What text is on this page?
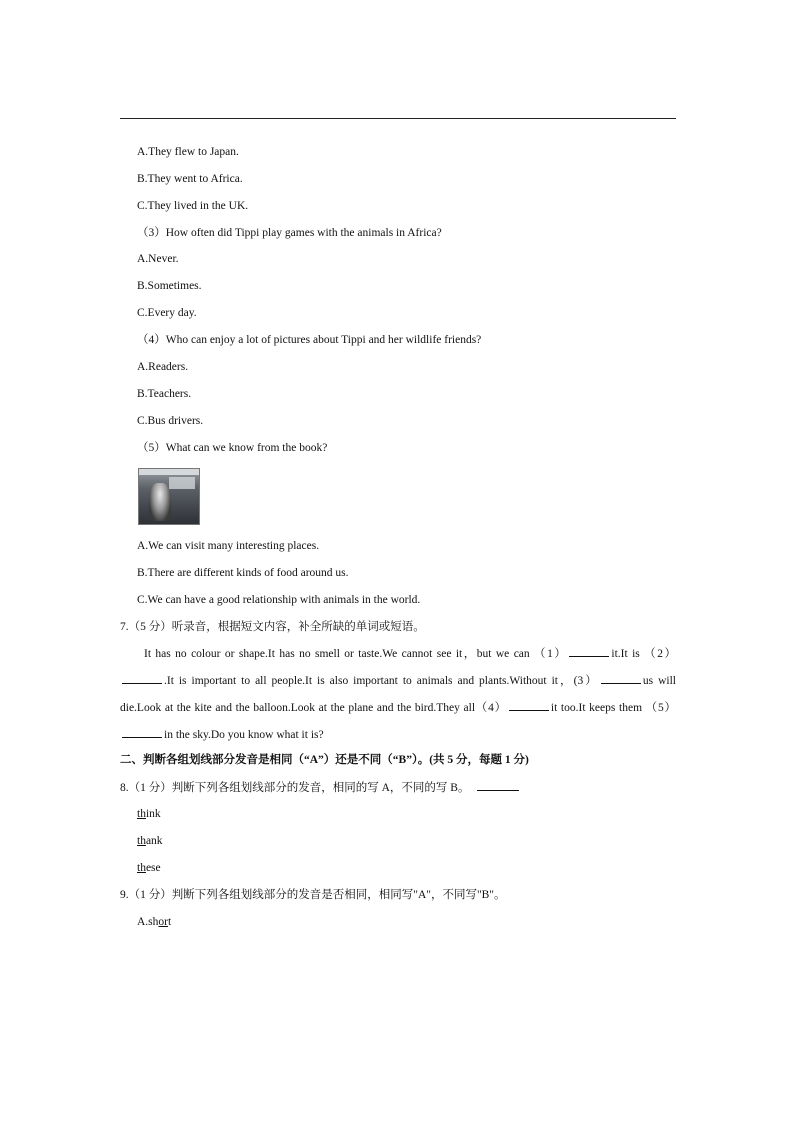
A.They flew to Japan.
B.They went to Africa.
C.They lived in the UK.
（3）How often did Tippi play games with the animals in Africa?
A.Never.
B.Sometimes.
C.Every day.
（4）Who can enjoy a lot of pictures about Tippi and her wildlife friends?
A.Readers.
B.Teachers.
C.Bus drivers.
（5）What can we know from the book?
A.We can visit many interesting places.
B.There are different kinds of food around us.
C.We can have a good relationship with animals in the world.
7.（5 分）听录音，根据短文内容，补全所缺的单词或短语。
It has no colour or shape.It has no smell or taste.We cannot see it，but we can （1）	it.It is （2）
.It is important to all people.It is also important to animals and plants.Without it，(3）	us will
die.Look at the kite and the balloon.Look at the plane and the bird.They all（4）	it too.It keeps them （5）
in the sky.Do you know what it is?
二、判断各组划线部分发音是相同（“A”）还是不同（“B”）。(共 5 分，每题 1 分)
8.（1 分）判断下列各组划线部分的发音，相同的写 A，不同的写 B。
think
thank
these
9.（1 分）判断下列各组划线部分的发音是否相同，相同写"A"，不同写"B"。
A.short
